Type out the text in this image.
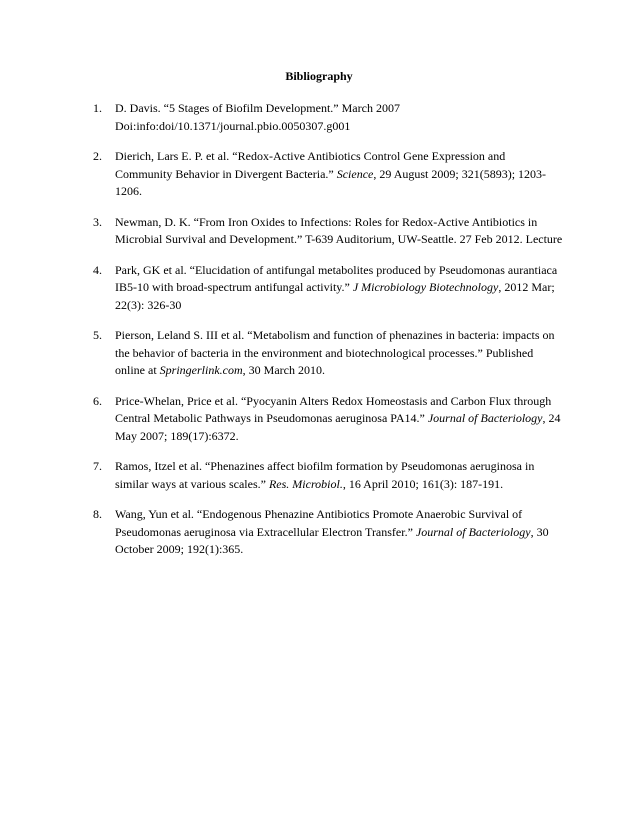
Bibliography
1. D. Davis. “5 Stages of Biofilm Development.” March 2007 Doi:info:doi/10.1371/journal.pbio.0050307.g001
2. Dierich, Lars E. P. et al. “Redox-Active Antibiotics Control Gene Expression and Community Behavior in Divergent Bacteria.” Science, 29 August 2009; 321(5893); 1203-1206.
3. Newman, D. K. “From Iron Oxides to Infections: Roles for Redox-Active Antibiotics in Microbial Survival and Development.” T-639 Auditorium, UW-Seattle. 27 Feb 2012. Lecture
4. Park, GK et al. “Elucidation of antifungal metabolites produced by Pseudomonas aurantiaca IB5-10 with broad-spectrum antifungal activity.” J Microbiology Biotechnology, 2012 Mar; 22(3): 326-30
5. Pierson, Leland S. III et al. “Metabolism and function of phenazines in bacteria: impacts on the behavior of bacteria in the environment and biotechnological processes.” Published online at Springerlink.com, 30 March 2010.
6. Price-Whelan, Price et al. “Pyocyanin Alters Redox Homeostasis and Carbon Flux through Central Metabolic Pathways in Pseudomonas aeruginosa PA14.” Journal of Bacteriology, 24 May 2007; 189(17):6372.
7. Ramos, Itzel et al. “Phenazines affect biofilm formation by Pseudomonas aeruginosa in similar ways at various scales.” Res. Microbiol., 16 April 2010; 161(3): 187-191.
8. Wang, Yun et al. “Endogenous Phenazine Antibiotics Promote Anaerobic Survival of Pseudomonas aeruginosa via Extracellular Electron Transfer.” Journal of Bacteriology, 30 October 2009; 192(1):365.
